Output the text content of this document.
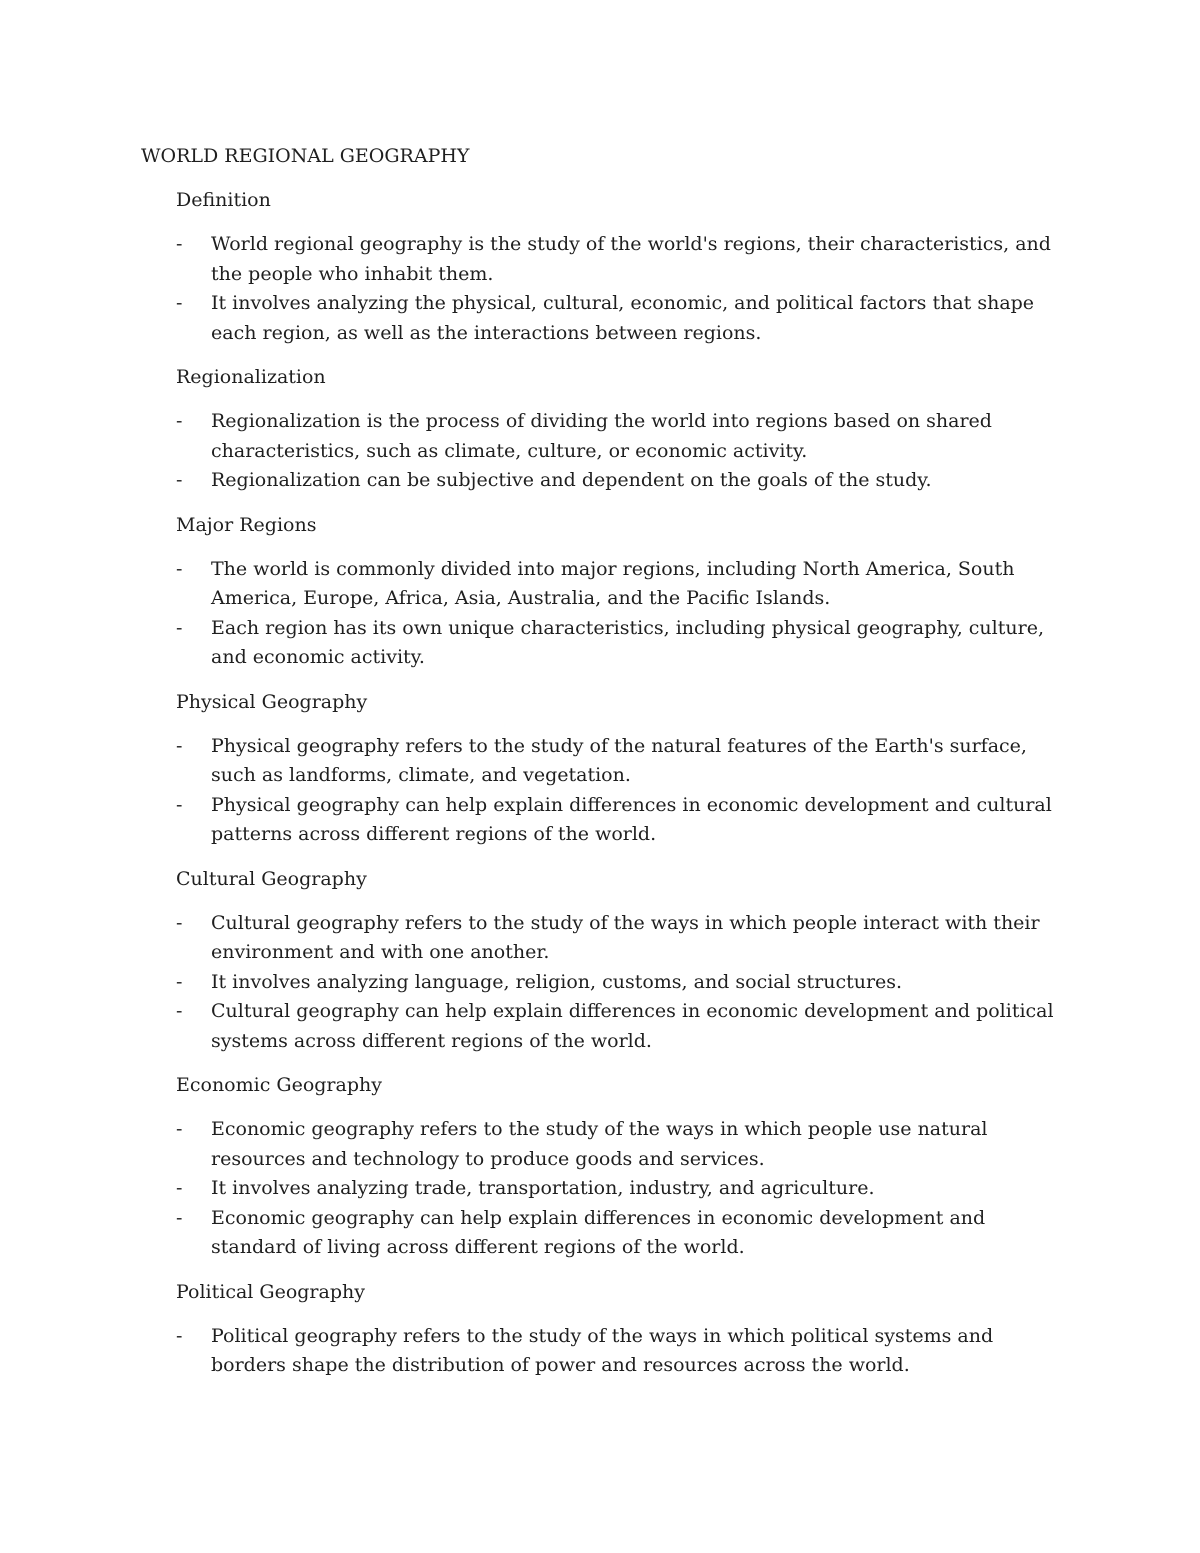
WORLD REGIONAL GEOGRAPHY
Definition
-	World regional geography is the study of the world's regions, their characteristics, and the people who inhabit them.
-	It involves analyzing the physical, cultural, economic, and political factors that shape each region, as well as the interactions between regions.
Regionalization
-	Regionalization is the process of dividing the world into regions based on shared characteristics, such as climate, culture, or economic activity.
-	Regionalization can be subjective and dependent on the goals of the study.
Major Regions
-	The world is commonly divided into major regions, including North America, South America, Europe, Africa, Asia, Australia, and the Pacific Islands.
-	Each region has its own unique characteristics, including physical geography, culture, and economic activity.
Physical Geography
-	Physical geography refers to the study of the natural features of the Earth's surface, such as landforms, climate, and vegetation.
-	Physical geography can help explain differences in economic development and cultural patterns across different regions of the world.
Cultural Geography
-	Cultural geography refers to the study of the ways in which people interact with their environment and with one another.
-	It involves analyzing language, religion, customs, and social structures.
-	Cultural geography can help explain differences in economic development and political systems across different regions of the world.
Economic Geography
-	Economic geography refers to the study of the ways in which people use natural resources and technology to produce goods and services.
-	It involves analyzing trade, transportation, industry, and agriculture.
-	Economic geography can help explain differences in economic development and standard of living across different regions of the world.
Political Geography
-	Political geography refers to the study of the ways in which political systems and borders shape the distribution of power and resources across the world.
